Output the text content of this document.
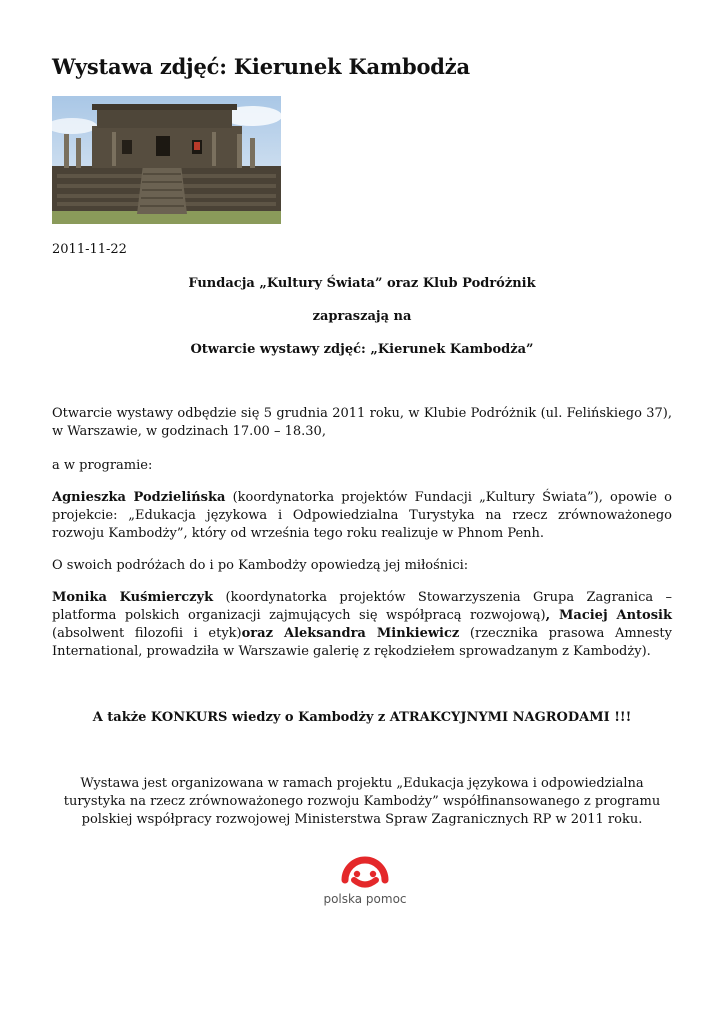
Wystawa zdjęć: Kierunek Kambodża
2011-11-22
Fundacja „Kultury Świata” oraz Klub Podróżnik
zapraszają na
Otwarcie wystawy zdjęć: „Kierunek Kambodża”
Otwarcie wystawy odbędzie się 5 grudnia 2011 roku, w Klubie Podróżnik (ul. Felińskiego 37), w Warszawie, w godzinach 17.00 – 18.30,
a w programie:
Agnieszka Podzielińska (koordynatorka projektów Fundacji „Kultury Świata”), opowie o projekcie: „Edukacja językowa i Odpowiedzialna Turystyka na rzecz zrównoważonego rozwoju Kambodży”, który od września tego roku realizuje w Phnom Penh.
O swoich podróżach do i po Kambodży opowiedzą jej miłośnici:
Monika Kuśmierczyk (koordynatorka projektów Stowarzyszenia Grupa Zagranica – platforma polskich organizacji zajmujących się współpracą rozwojową), Maciej Antosik (absolwent filozofii i etyk)oraz Aleksandra Minkiewicz (rzecznika prasowa Amnesty International, prowadziła w Warszawie galerię z rękodziełem sprowadzanym z Kambodży).
A także KONKURS wiedzy o Kambodży z ATRAKCYJNYMI NAGRODAMI !!!
Wystawa jest organizowana w ramach projektu „Edukacja językowa i odpowiedzialna turystyka na rzecz zrównoważonego rozwoju Kambodży” współfinansowanego z programu polskiej współpracy rozwojowej Ministerstwa Spraw Zagranicznych RP w 2011 roku.
polska pomoc
